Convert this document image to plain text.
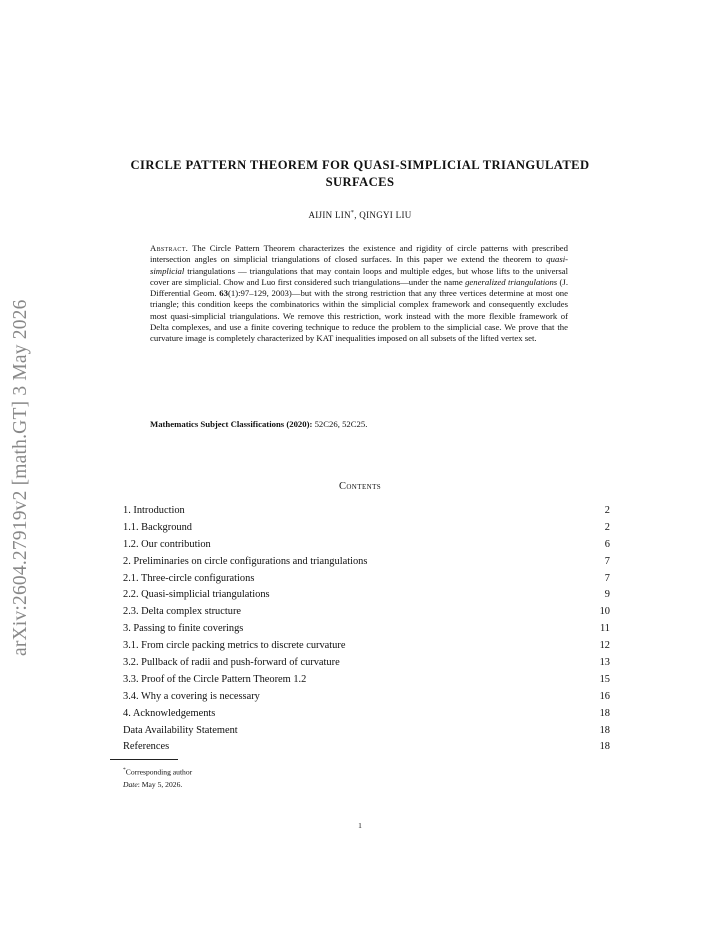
arXiv:2604.27919v2 [math.GT] 3 May 2026
CIRCLE PATTERN THEOREM FOR QUASI-SIMPLICIAL TRIANGULATED SURFACES
AIJIN LIN*, QINGYI LIU
Abstract. The Circle Pattern Theorem characterizes the existence and rigidity of circle patterns with prescribed intersection angles on simplicial triangulations of closed surfaces. In this paper we extend the theorem to quasi-simplicial triangulations — triangulations that may contain loops and multiple edges, but whose lifts to the universal cover are simplicial. Chow and Luo first considered such triangulations—under the name generalized triangulations (J. Differential Geom. 63(1):97–129, 2003)—but with the strong restriction that any three vertices determine at most one triangle; this condition keeps the combinatorics within the simplicial complex framework and consequently excludes most quasi-simplicial triangulations. We remove this restriction, work instead with the more flexible framework of Delta complexes, and use a finite covering technique to reduce the problem to the simplicial case. We prove that the curvature image is completely characterized by KAT inequalities imposed on all subsets of the lifted vertex set.
Mathematics Subject Classifications (2020): 52C26, 52C25.
Contents
1. Introduction	2
1.1. Background	2
1.2. Our contribution	6
2. Preliminaries on circle configurations and triangulations	7
2.1. Three-circle configurations	7
2.2. Quasi-simplicial triangulations	9
2.3. Delta complex structure	10
3. Passing to finite coverings	11
3.1. From circle packing metrics to discrete curvature	12
3.2. Pullback of radii and push-forward of curvature	13
3.3. Proof of the Circle Pattern Theorem 1.2	15
3.4. Why a covering is necessary	16
4. Acknowledgements	18
Data Availability Statement	18
References	18
*Corresponding author
Date: May 5, 2026.
1
